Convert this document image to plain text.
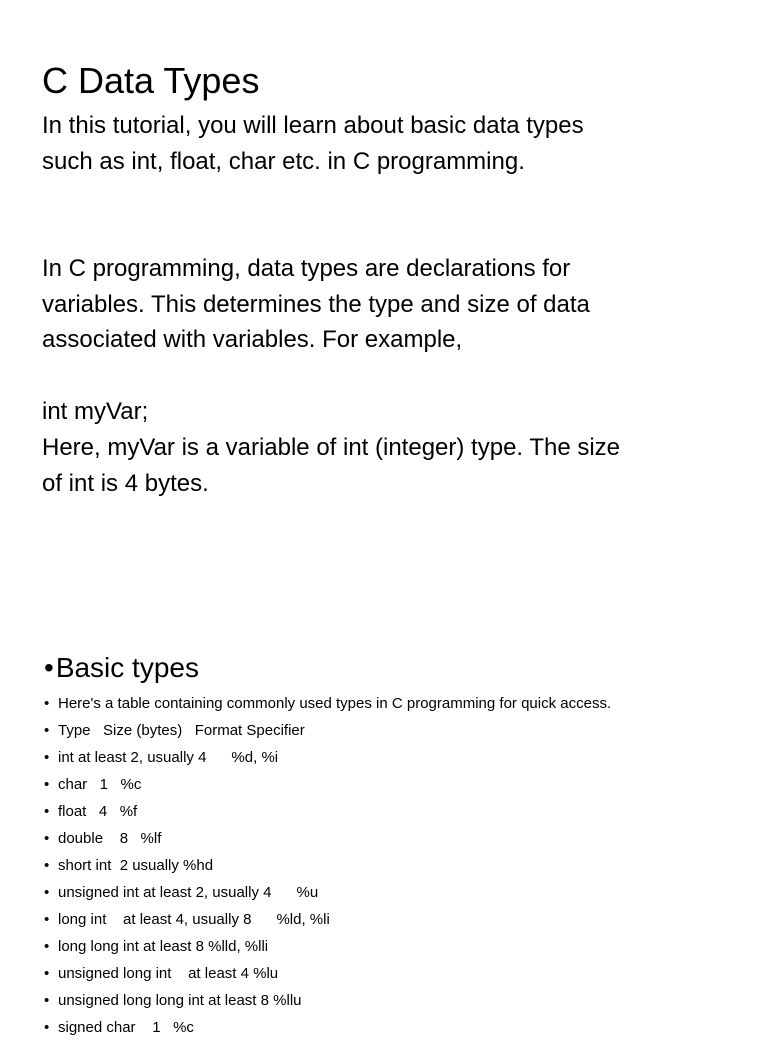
C Data Types
In this tutorial, you will learn about basic data types
such as int, float, char etc. in C programming.
In C programming, data types are declarations for
variables. This determines the type and size of data
associated with variables. For example,
int myVar;
Here, myVar is a variable of int (integer) type. The size
of int is 4 bytes.
•Basic types
• Here's a table containing commonly used types in C programming for quick access.
• Type   Size (bytes)   Format Specifier
• int at least 2, usually 4      %d, %i
• char   1   %c
• float   4   %f
• double    8   %lf
• short int  2 usually %hd
• unsigned int at least 2, usually 4      %u
• long int    at least 4, usually 8      %ld, %li
• long long int at least 8 %lld, %lli
• unsigned long int    at least 4 %lu
• unsigned long long int at least 8 %llu
• signed char    1   %c
